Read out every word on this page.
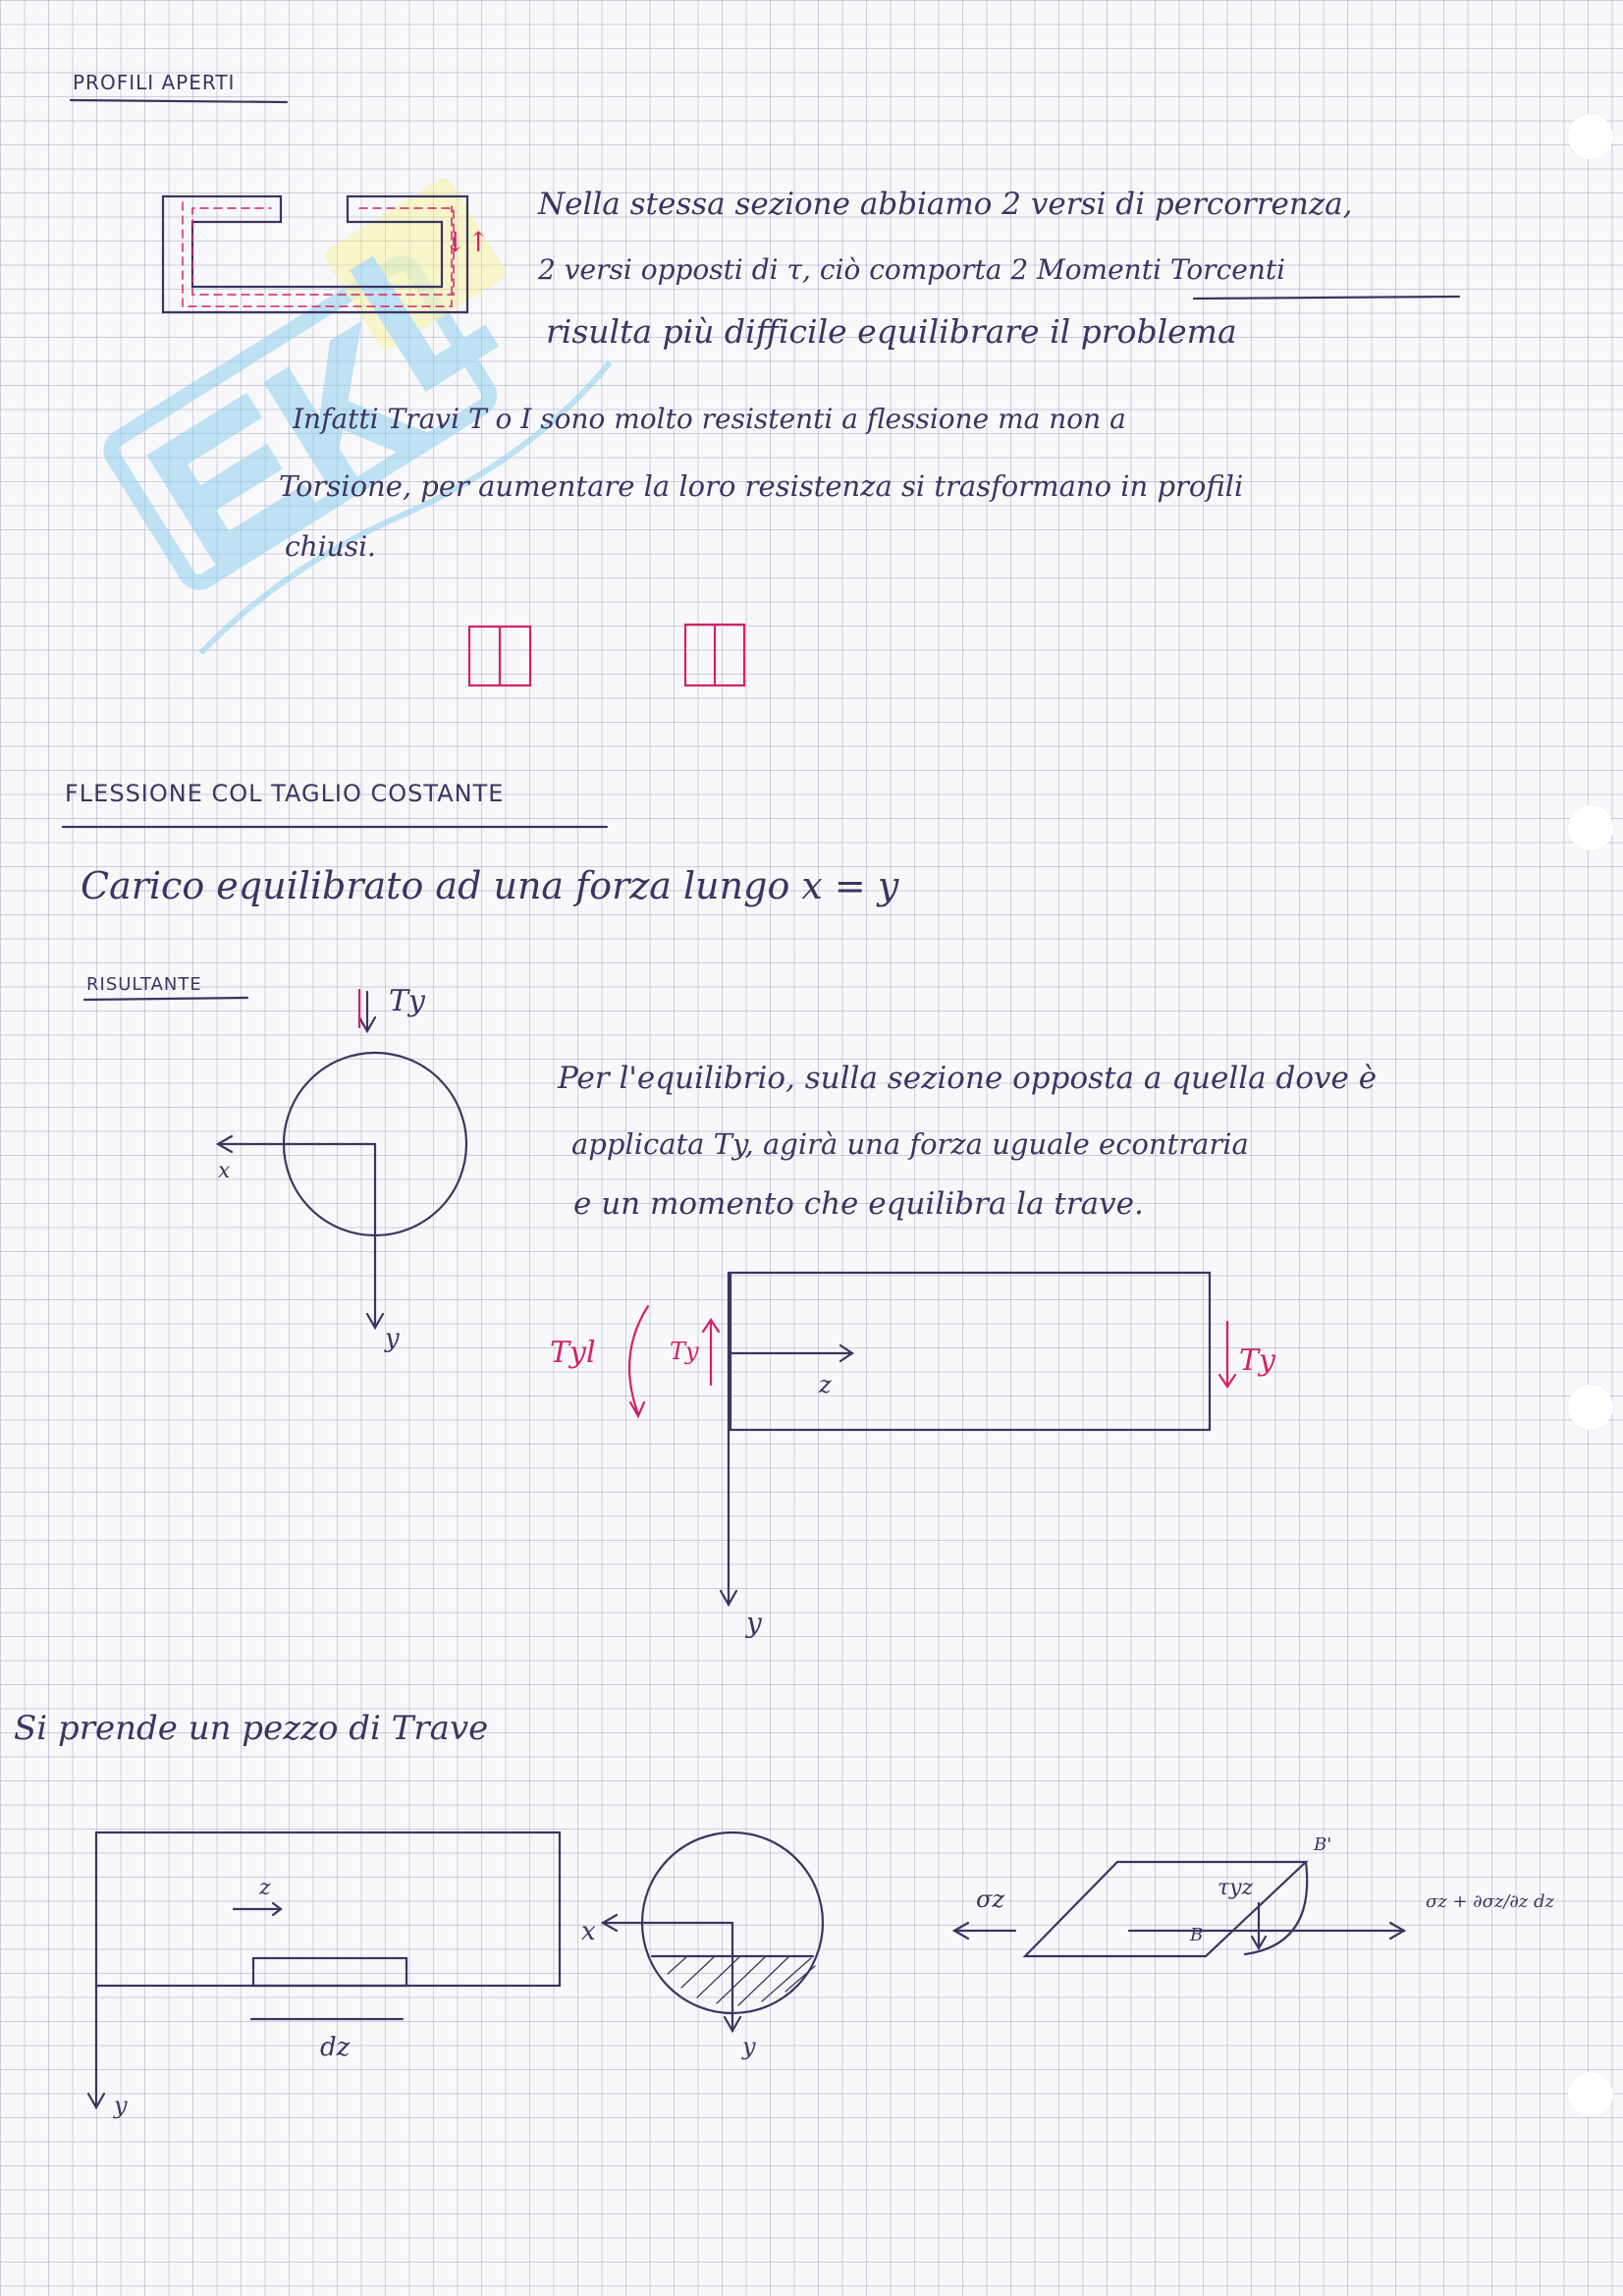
PROFILI APERTI
Nella stessa sezione abbiamo 2 versi di percorrenza,
2 versi opposti di τ, ciò comporta 2 Momenti Torcenti
risulta più difficile equilibrare il problema
Infatti Travi T o I sono molto resistenti a flessione ma non a
Torsione, per aumentare la loro resistenza si trasformano in profili
chiusi.
↓↑
FLESSIONE COL TAGLIO COSTANTE
Carico equilibrato ad una forza lungo x = y
RISULTANTE	Ty
x
y
Per l'equilibrio, sulla sezione opposta a quella dove è
applicata Ty, agirà una forza uguale econtraria
e un momento che equilibra la trave.
Tyl	Ty	Ty
z
y
Si prende un pezzo di Trave
z
dz
y
x
y
σz	τyz
B
B'
σz + ∂σz/∂z dz
